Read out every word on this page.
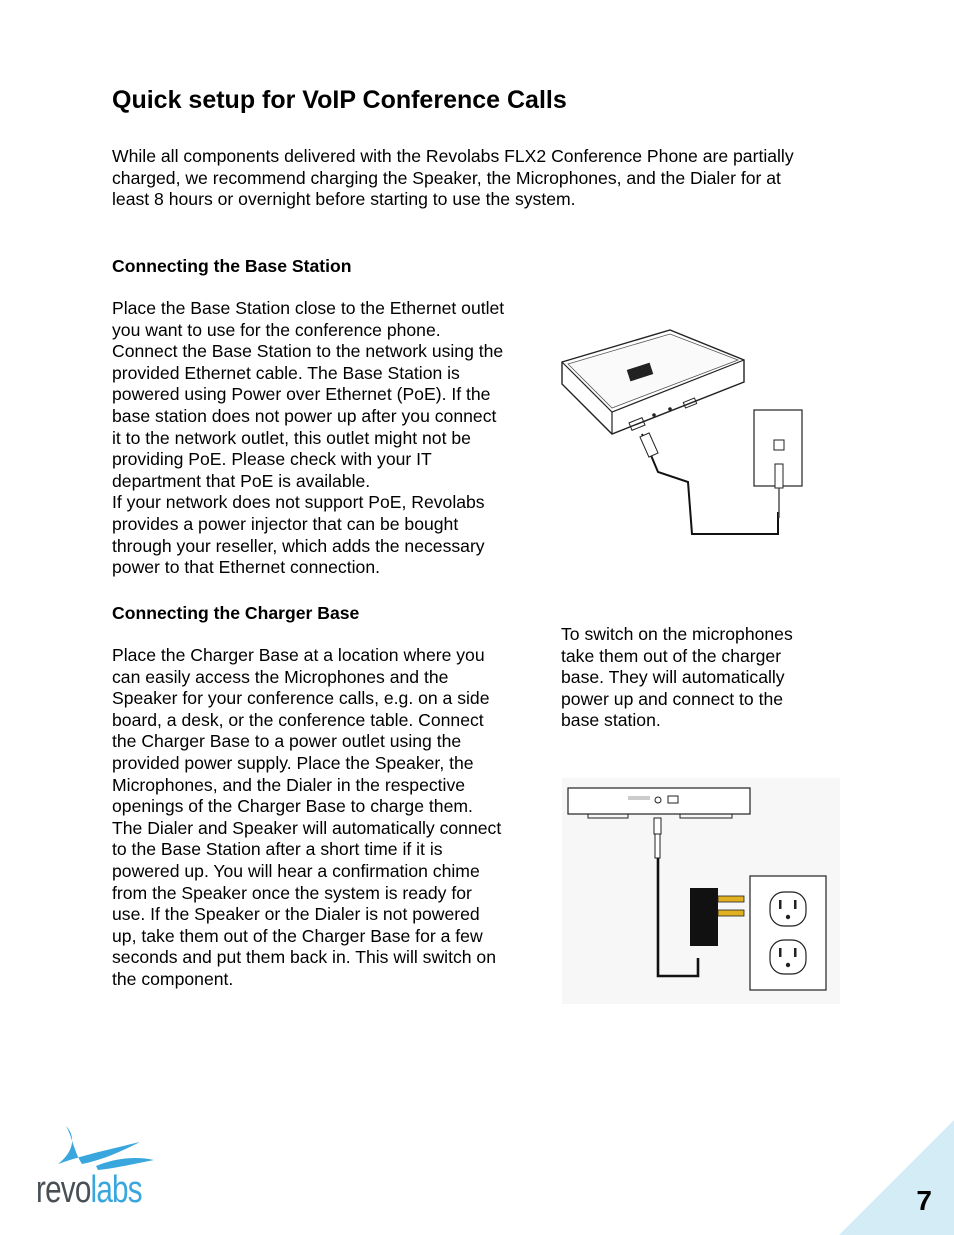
Quick setup for VoIP Conference Calls

While all components delivered with the Revolabs FLX2 Conference Phone are partially
charged, we recommend charging the Speaker, the Microphones, and the Dialer for at
least 8 hours or overnight before starting to use the system.

Connecting the Base Station

Place the Base Station close to the Ethernet outlet
you want to use for the conference phone.
Connect the Base Station to the network using the
provided Ethernet cable. The Base Station is
powered using Power over Ethernet (PoE). If the
base station does not power up after you connect
it to the network outlet, this outlet might not be
providing PoE. Please check with your IT
department that PoE is available.
If your network does not support PoE, Revolabs
provides a power injector that can be bought
through your reseller, which adds the necessary
power to that Ethernet connection.

Connecting the Charger Base

Place the Charger Base at a location where you
can easily access the Microphones and the
Speaker for your conference calls, e.g. on a side
board, a desk, or the conference table. Connect
the Charger Base to a power outlet using the
provided power supply. Place the Speaker, the
Microphones, and the Dialer in the respective
openings of the Charger Base to charge them.
The Dialer and Speaker will automatically connect
to the Base Station after a short time if it is
powered up. You will hear a confirmation chime
from the Speaker once the system is ready for
use. If the Speaker or the Dialer is not powered
up, take them out of the Charger Base for a few
seconds and put them back in. This will switch on
the component.

To switch on the microphones
take them out of the charger
base. They will automatically
power up and connect to the
base station.

revolabs	7
